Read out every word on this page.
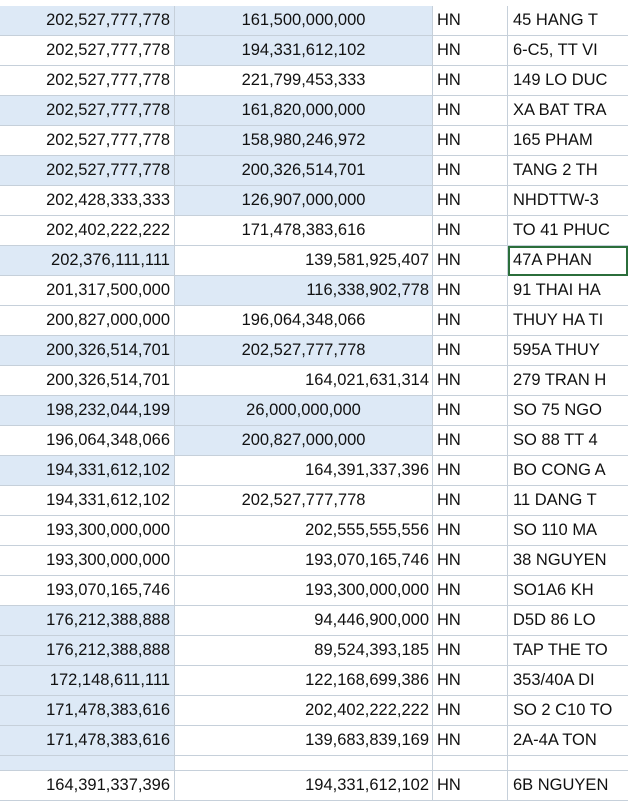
202,527,777,778	161,500,000,000	HN	45 HANG T
202,527,777,778	194,331,612,102	HN	6-C5, TT VI
202,527,777,778	221,799,453,333	HN	149 LO DUC
202,527,777,778	161,820,000,000	HN	XA BAT TRA
202,527,777,778	158,980,246,972	HN	165 PHAM
202,527,777,778	200,326,514,701	HN	TANG 2 TH
202,428,333,333	126,907,000,000	HN	NHDTTW-3
202,402,222,222	171,478,383,616	HN	TO 41 PHUC
202,376,111,111	139,581,925,407 HN	47A PHAN
201,317,500,000	116,338,902,778 HN	91 THAI HA
200,827,000,000	196,064,348,066	HN	THUY HA TI
200,326,514,701	202,527,777,778	HN	595A THUY
200,326,514,701	164,021,631,314 HN	279 TRAN H
198,232,044,199	26,000,000,000	HN	SO 75 NGO
196,064,348,066	200,827,000,000	HN	SO 88 TT 4
194,331,612,102	164,391,337,396 HN	BO CONG A
194,331,612,102	202,527,777,778	HN	11 DANG T
193,300,000,000	202,555,555,556 HN	SO 110 MA
193,300,000,000	193,070,165,746 HN	38 NGUYEN
193,070,165,746	193,300,000,000 HN	SO1A6 KH
176,212,388,888	94,446,900,000 HN	D5D 86 LO
176,212,388,888	89,524,393,185 HN	TAP THE TO
172,148,611,111	122,168,699,386 HN	353/40A DI
171,478,383,616	202,402,222,222 HN	SO 2 C10 TO
171,478,383,616	139,683,839,169 HN	2A-4A TON
164,391,337,396	194,331,612,102 HN	6B NGUYEN
